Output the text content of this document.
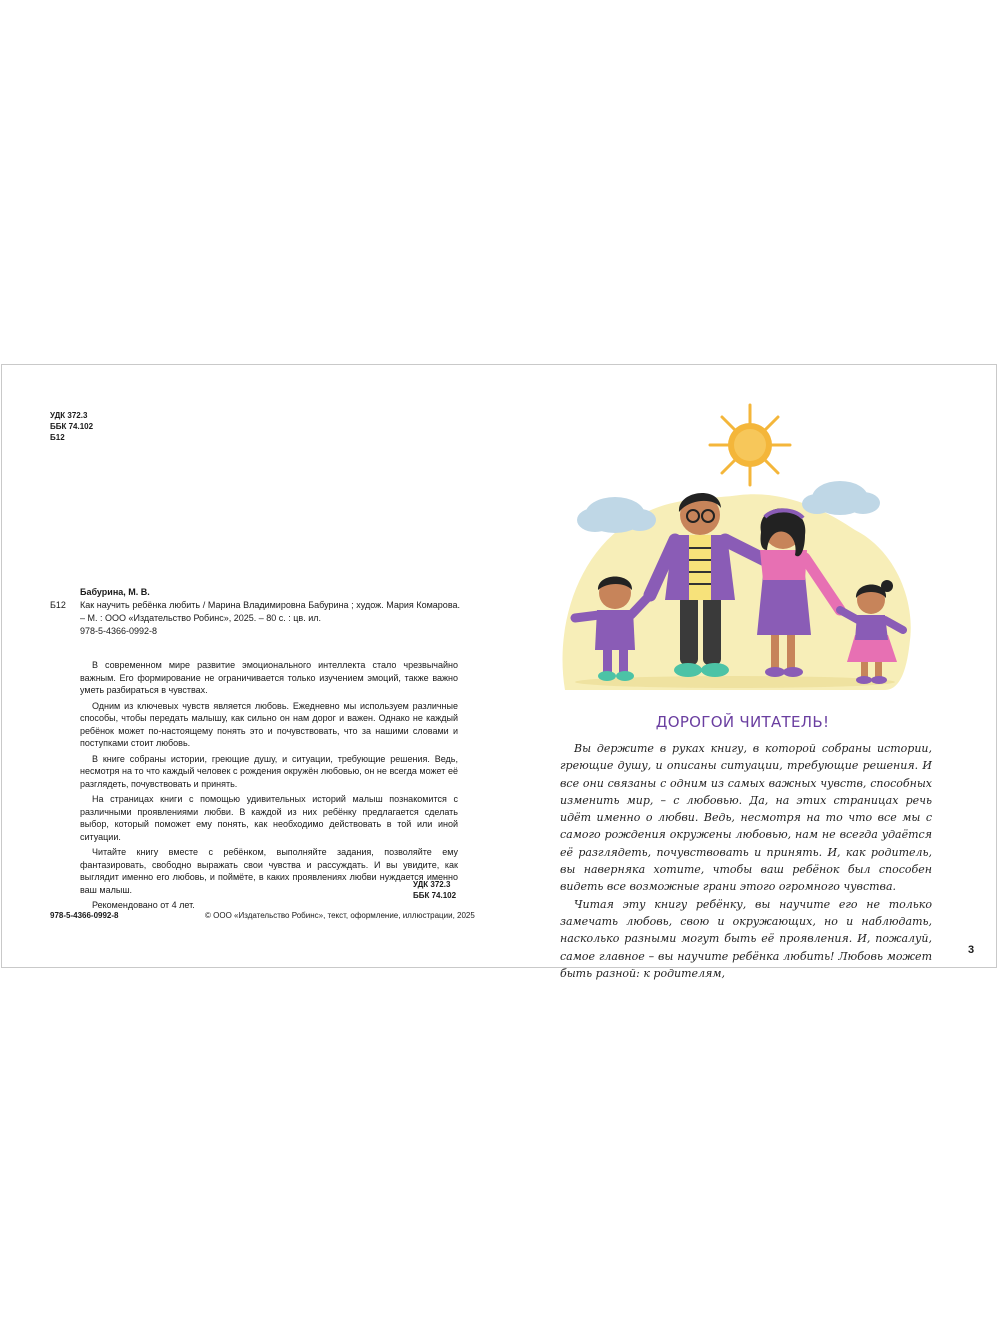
УДК 372.3
ББК 74.102
Б12
Бабурина, М. В.
Б12 Как научить ребёнка любить / Марина Владимировна Бабурина ; худож. Мария Комарова. – М. : ООО «Издательство Робинс», 2025. – 80 с. : цв. ил.
978-5-4366-0992-8

В современном мире развитие эмоционального интеллекта стало чрезвычайно важным. Его формирование не ограничивается только изучением эмоций, также важно уметь разбираться в чувствах.

Одним из ключевых чувств является любовь. Ежедневно мы используем различные способы, чтобы передать малышу, как сильно он нам дорог и важен. Однако не каждый ребёнок может по-настоящему понять это и почувствовать, что за нашими словами и поступками стоит любовь.

В книге собраны истории, греющие душу, и ситуации, требующие решения. Ведь, несмотря на то что каждый человек с рождения окружён любовью, он не всегда может её разглядеть, почувствовать и принять.

На страницах книги с помощью удивительных историй малыш познакомится с различными проявлениями любви. В каждой из них ребёнку предлагается сделать выбор, который поможет ему понять, как необходимо действовать в той или иной ситуации.

Читайте книгу вместе с ребёнком, выполняйте задания, позволяйте ему фантазировать, свободно выражать свои чувства и рассуждать. И вы увидите, как выглядит именно его любовь, и поймёте, в каких проявлениях любви нуждается именно ваш малыш.

Рекомендовано от 4 лет.

УДК 372.3
ББК 74.102
978-5-4366-0992-8	© ООО «Издательство Робинс», текст, оформление, иллюстрации, 2025
ДОРОГОЙ ЧИТАТЕЛЬ!

Вы держите в руках книгу, в которой собраны истории, греющие душу, и описаны ситуации, требующие решения. И все они связаны с одним из самых важных чувств, способных изменить мир, – с любовью. Да, на этих страницах речь идёт именно о любви. Ведь, несмотря на то что все мы с самого рождения окружены любовью, нам не всегда удаётся её разглядеть, почувствовать и принять. И, как родитель, вы наверняка хотите, чтобы ваш ребёнок был способен видеть все возможные грани этого огромного чувства.

Читая эту книгу ребёнку, вы научите его не только замечать любовь, свою и окружающих, но и наблюдать, насколько разными могут быть её проявления. И, пожалуй, самое главное – вы научите ребёнка любить! Любовь может быть разной: к родителям,

3
